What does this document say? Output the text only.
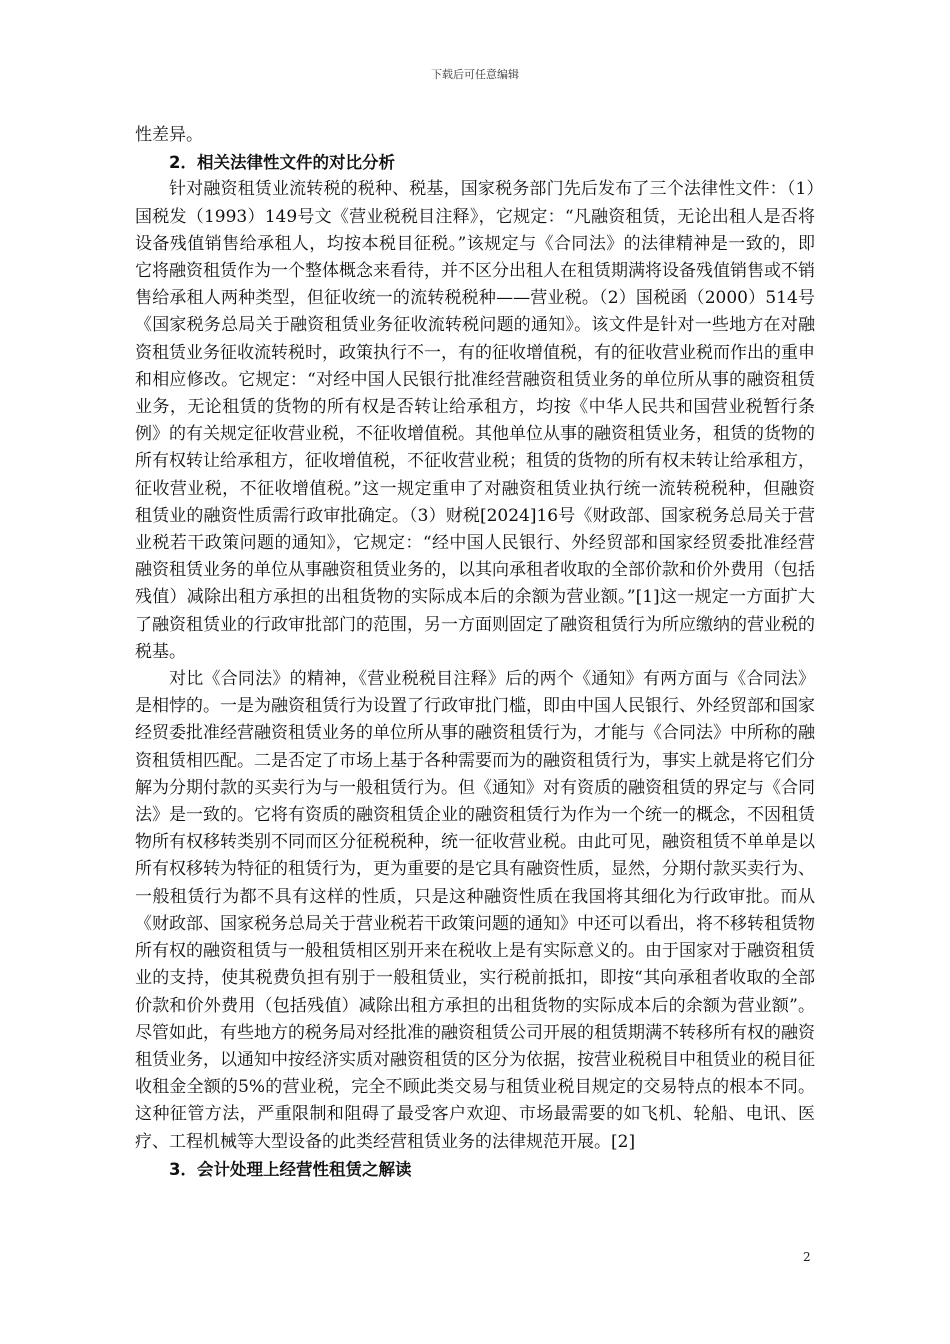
下载后可任意编辑

性差异。

2．相关法律性文件的对比分析

针对融资租赁业流转税的税种、税基，国家税务部门先后发布了三个法律性文件：（1）国税发（1993）149号文《营业税税目注释》，它规定：“凡融资租赁，无论出租人是否将设备残值销售给承租人，均按本税目征税。”该规定与《合同法》的法律精神是一致的，即它将融资租赁作为一个整体概念来看待，并不区分出租人在租赁期满将设备残值销售或不销售给承租人两种类型，但征收统一的流转税税种——营业税。（2）国税函（2000）514号《国家税务总局关于融资租赁业务征收流转税问题的通知》。该文件是针对一些地方在对融资租赁业务征收流转税时，政策执行不一，有的征收增值税，有的征收营业税而作出的重申和相应修改。它规定：“对经中国人民银行批准经营融资租赁业务的单位所从事的融资租赁业务，无论租赁的货物的所有权是否转让给承租方，均按《中华人民共和国营业税暂行条例》的有关规定征收营业税，不征收增值税。其他单位从事的融资租赁业务，租赁的货物的所有权转让给承租方，征收增值税，不征收营业税；租赁的货物的所有权未转让给承租方，征收营业税，不征收增值税。”这一规定重申了对融资租赁业执行统一流转税税种，但融资租赁业的融资性质需行政审批确定。（3）财税[2024]16号《财政部、国家税务总局关于营业税若干政策问题的通知》，它规定：“经中国人民银行、外经贸部和国家经贸委批准经营融资租赁业务的单位从事融资租赁业务的，以其向承租者收取的全部价款和价外费用（包括残值）减除出租方承担的出租货物的实际成本后的余额为营业额。”[1]这一规定一方面扩大了融资租赁业的行政审批部门的范围，另一方面则固定了融资租赁行为所应缴纳的营业税的税基。

对比《合同法》的精神，《营业税税目注释》后的两个《通知》有两方面与《合同法》是相悖的。一是为融资租赁行为设置了行政审批门槛，即由中国人民银行、外经贸部和国家经贸委批准经营融资租赁业务的单位所从事的融资租赁行为，才能与《合同法》中所称的融资租赁相匹配。二是否定了市场上基于各种需要而为的融资租赁行为，事实上就是将它们分解为分期付款的买卖行为与一般租赁行为。但《通知》对有资质的融资租赁的界定与《合同法》是一致的。它将有资质的融资租赁企业的融资租赁行为作为一个统一的概念，不因租赁物所有权移转类别不同而区分征税税种，统一征收营业税。由此可见，融资租赁不单单是以所有权移转为特征的租赁行为，更为重要的是它具有融资性质，显然，分期付款买卖行为、一般租赁行为都不具有这样的性质，只是这种融资性质在我国将其细化为行政审批。而从《财政部、国家税务总局关于营业税若干政策问题的通知》中还可以看出，将不移转租赁物所有权的融资租赁与一般租赁相区别开来在税收上是有实际意义的。由于国家对于融资租赁业的支持，使其税费负担有别于一般租赁业，实行税前抵扣，即按“其向承租者收取的全部价款和价外费用（包括残值）减除出租方承担的出租货物的实际成本后的余额为营业额”。尽管如此，有些地方的税务局对经批准的融资租赁公司开展的租赁期满不转移所有权的融资租赁业务，以通知中按经济实质对融资租赁的区分为依据，按营业税税目中租赁业的税目征收租金全额的5%的营业税，完全不顾此类交易与租赁业税目规定的交易特点的根本不同。这种征管方法，严重限制和阻碍了最受客户欢迎、市场最需要的如飞机、轮船、电讯、医疗、工程机械等大型设备的此类经营租赁业务的法律规范开展。[2]

3．会计处理上经营性租赁之解读

2
